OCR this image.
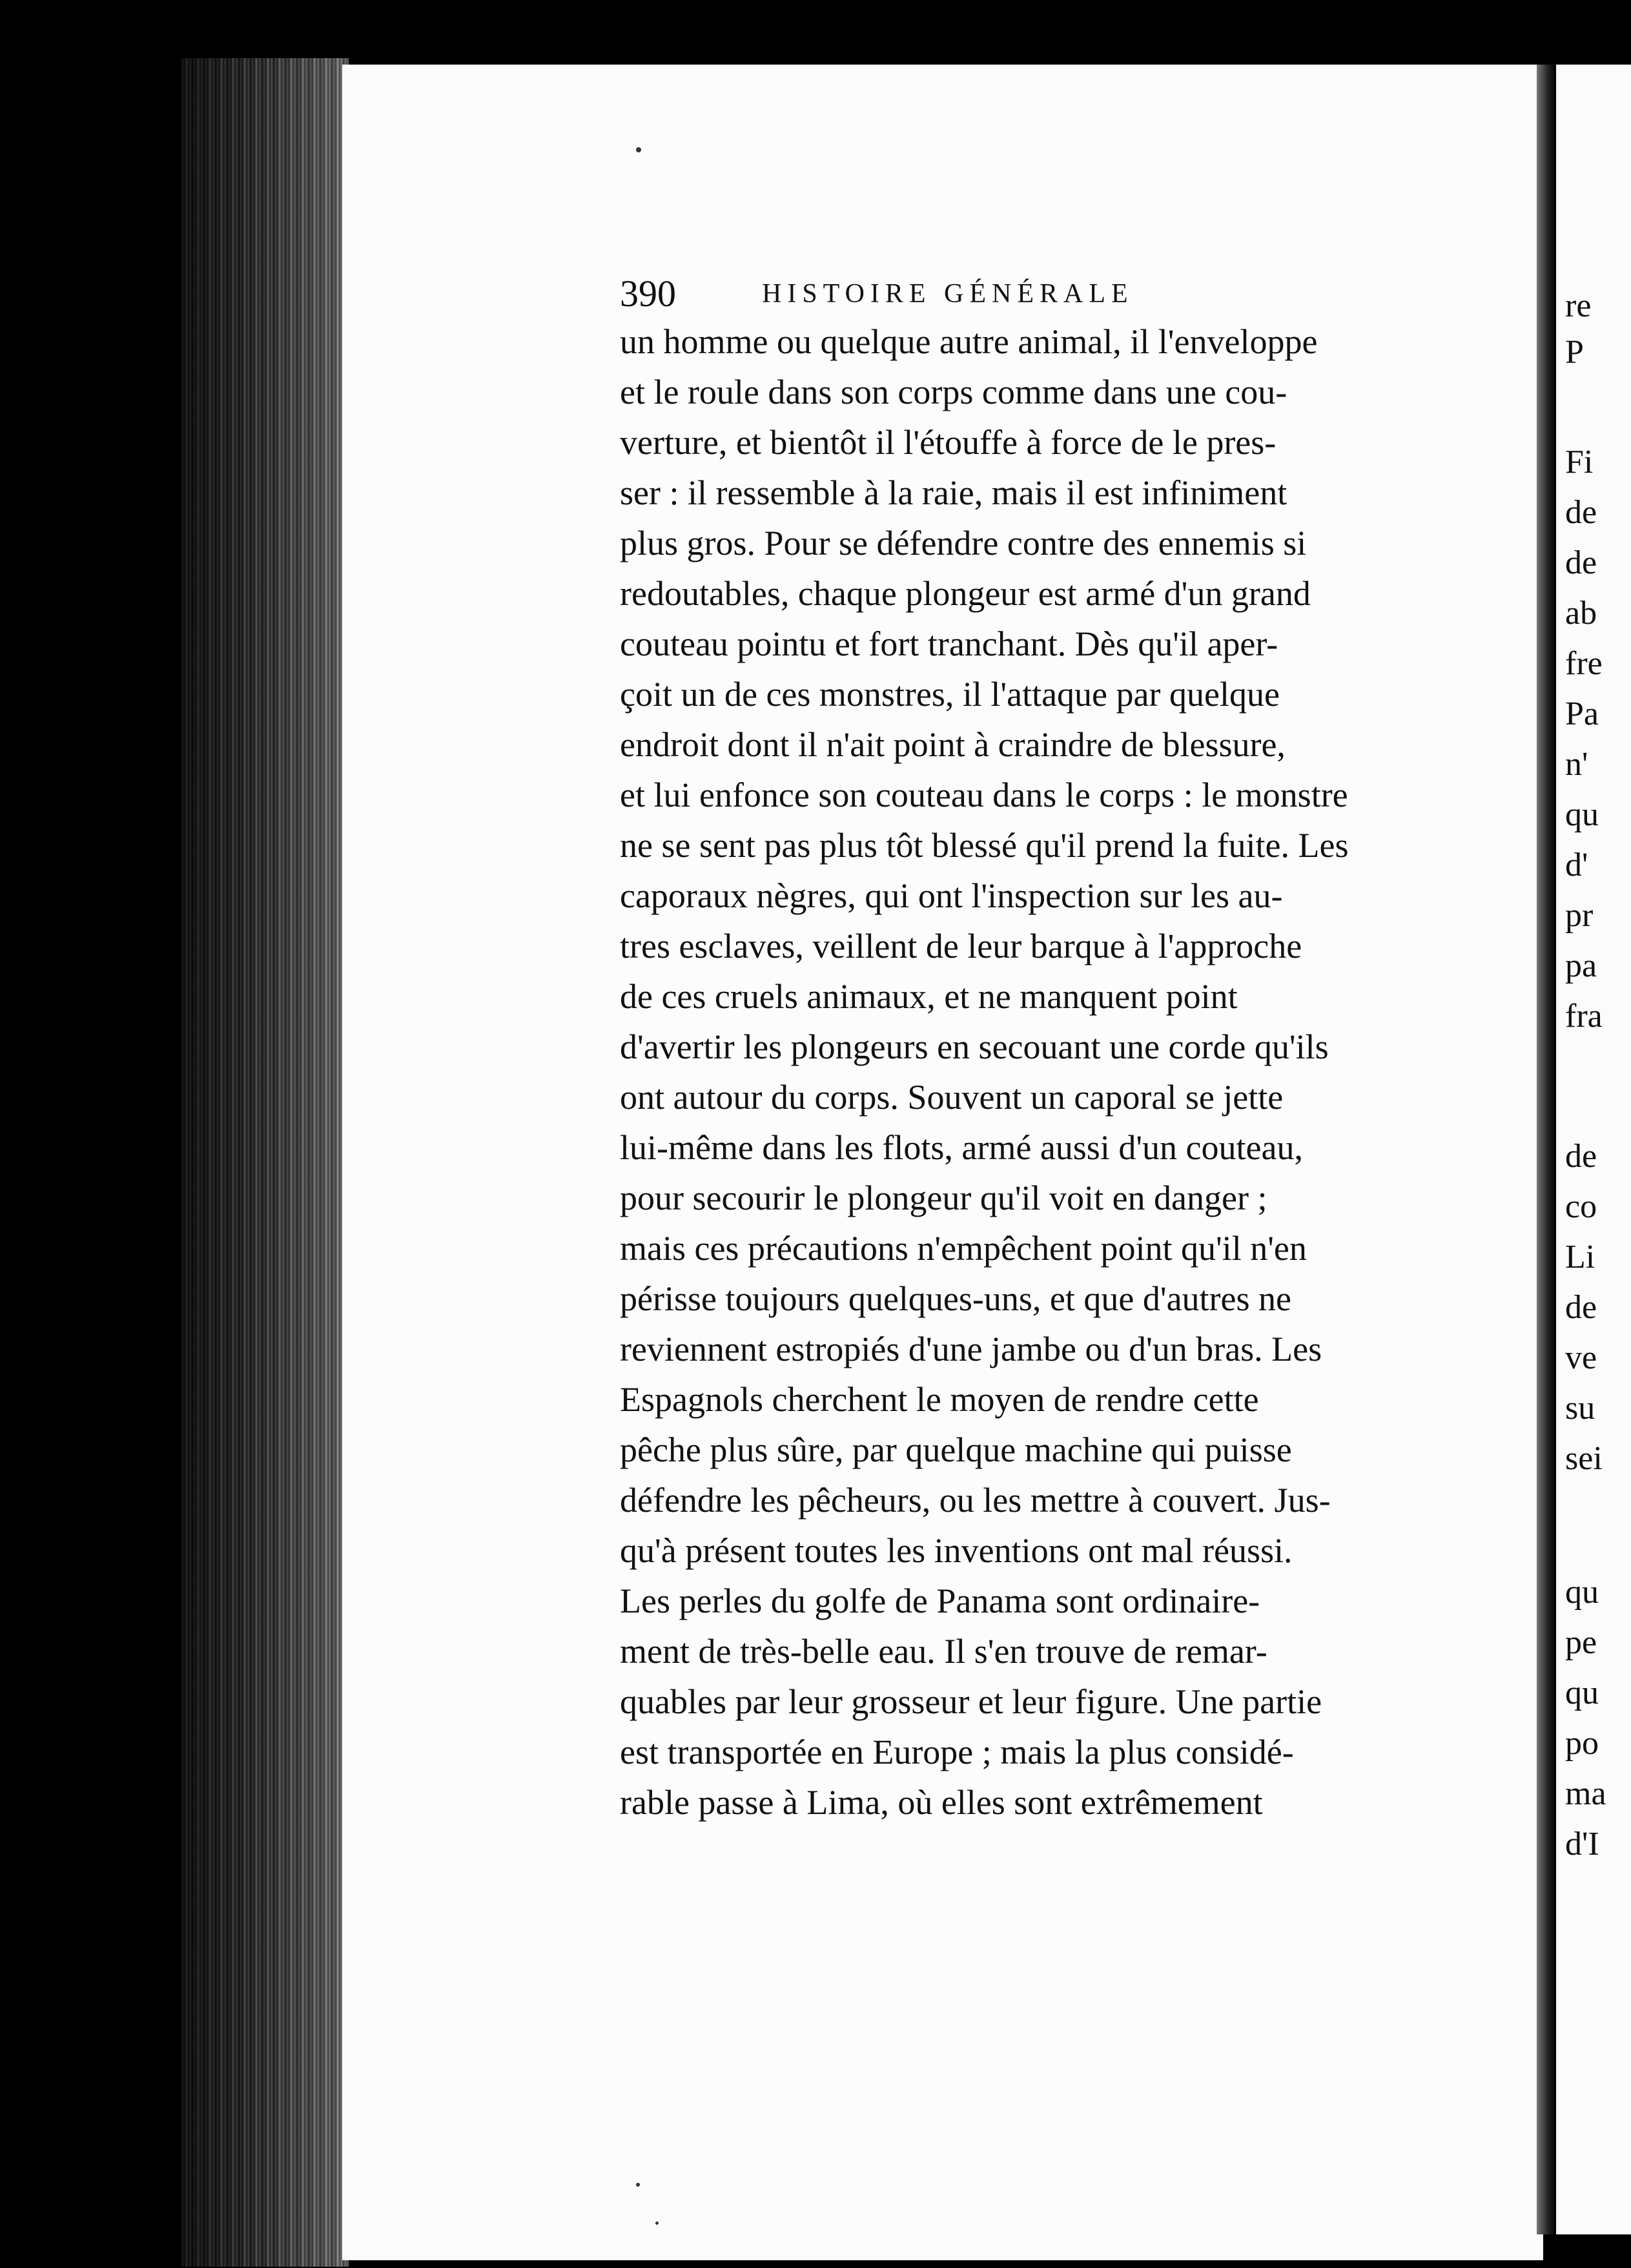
re
P
Fi
de
de
ab
fre
Pa
n'
qu
d'
pr
pa
fra
de
co
Li
de
ve
su
sei
qu
pe
qu
po
ma
d'I
390	HISTOIRE GÉNÉRALE
un homme ou quelque autre animal, il l'enveloppe
et le roule dans son corps comme dans une cou-
verture, et bientôt il l'étouffe à force de le pres-
ser : il ressemble à la raie, mais il est infiniment
plus gros. Pour se défendre contre des ennemis si
redoutables, chaque plongeur est armé d'un grand
couteau pointu et fort tranchant. Dès qu'il aper-
çoit un de ces monstres, il l'attaque par quelque
endroit dont il n'ait point à craindre de blessure,
et lui enfonce son couteau dans le corps : le monstre
ne se sent pas plus tôt blessé qu'il prend la fuite. Les
caporaux nègres, qui ont l'inspection sur les au-
tres esclaves, veillent de leur barque à l'approche
de ces cruels animaux, et ne manquent point
d'avertir les plongeurs en secouant une corde qu'ils
ont autour du corps. Souvent un caporal se jette
lui-même dans les flots, armé aussi d'un couteau,
pour secourir le plongeur qu'il voit en danger ;
mais ces précautions n'empêchent point qu'il n'en
périsse toujours quelques-uns, et que d'autres ne
reviennent estropiés d'une jambe ou d'un bras. Les
Espagnols cherchent le moyen de rendre cette
pêche plus sûre, par quelque machine qui puisse
défendre les pêcheurs, ou les mettre à couvert. Jus-
qu'à présent toutes les inventions ont mal réussi.
Les perles du golfe de Panama sont ordinaire-
ment de très-belle eau. Il s'en trouve de remar-
quables par leur grosseur et leur figure. Une partie
est transportée en Europe ; mais la plus considé-
rable passe à Lima, où elles sont extrêmement
